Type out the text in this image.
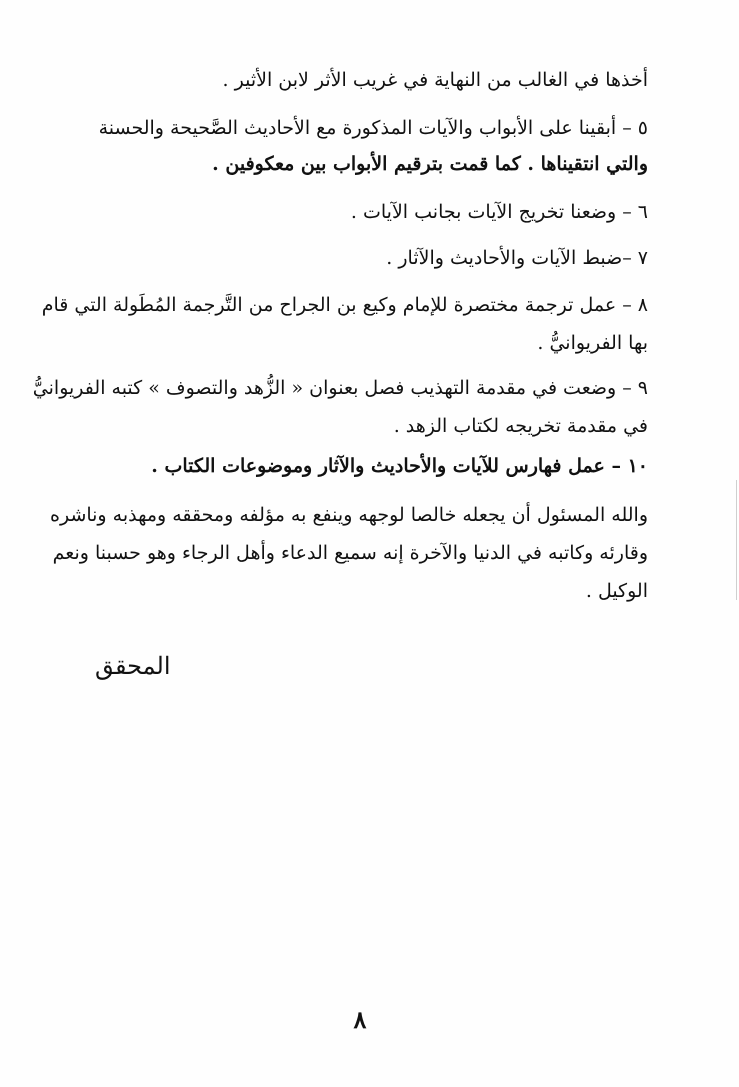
أخذها في الغالب من النهاية في غريب الأثر لابن الأثير .
٥ – أبقينا على الأبواب والآيات المذكورة مع الأحاديث الصَّحيحة والحسنة
والتي انتقيناها . كما قمت بترقيم الأبواب بين معكوفين .
٦ – وضعنا تخريج الآيات بجانب الآيات .
٧ –ضبط الآيات والأحاديث والآثار .
٨ – عمل ترجمة مختصرة للإمام وكيع بن الجراح من التَّرجمة المُطَولة التي قام
بها الفريوانيُّ .
٩ – وضعت في مقدمة التهذيب فصل بعنوان « الزُّهد والتصوف » كتبه الفريوانيُّ
في مقدمة تخريجه لكتاب الزهد .
١٠ – عمل فهارس للآيات والأحاديث والآثار وموضوعات الكتاب .
والله المسئول أن يجعله خالصا لوجهه وينفع به مؤلفه ومحققه ومهذبه وناشره
وقارئه وكاتبه في الدنيا والآخرة إنه سميع الدعاء وأهل الرجاء وهو حسبنا ونعم
الوكيل .
المحقق
٨
